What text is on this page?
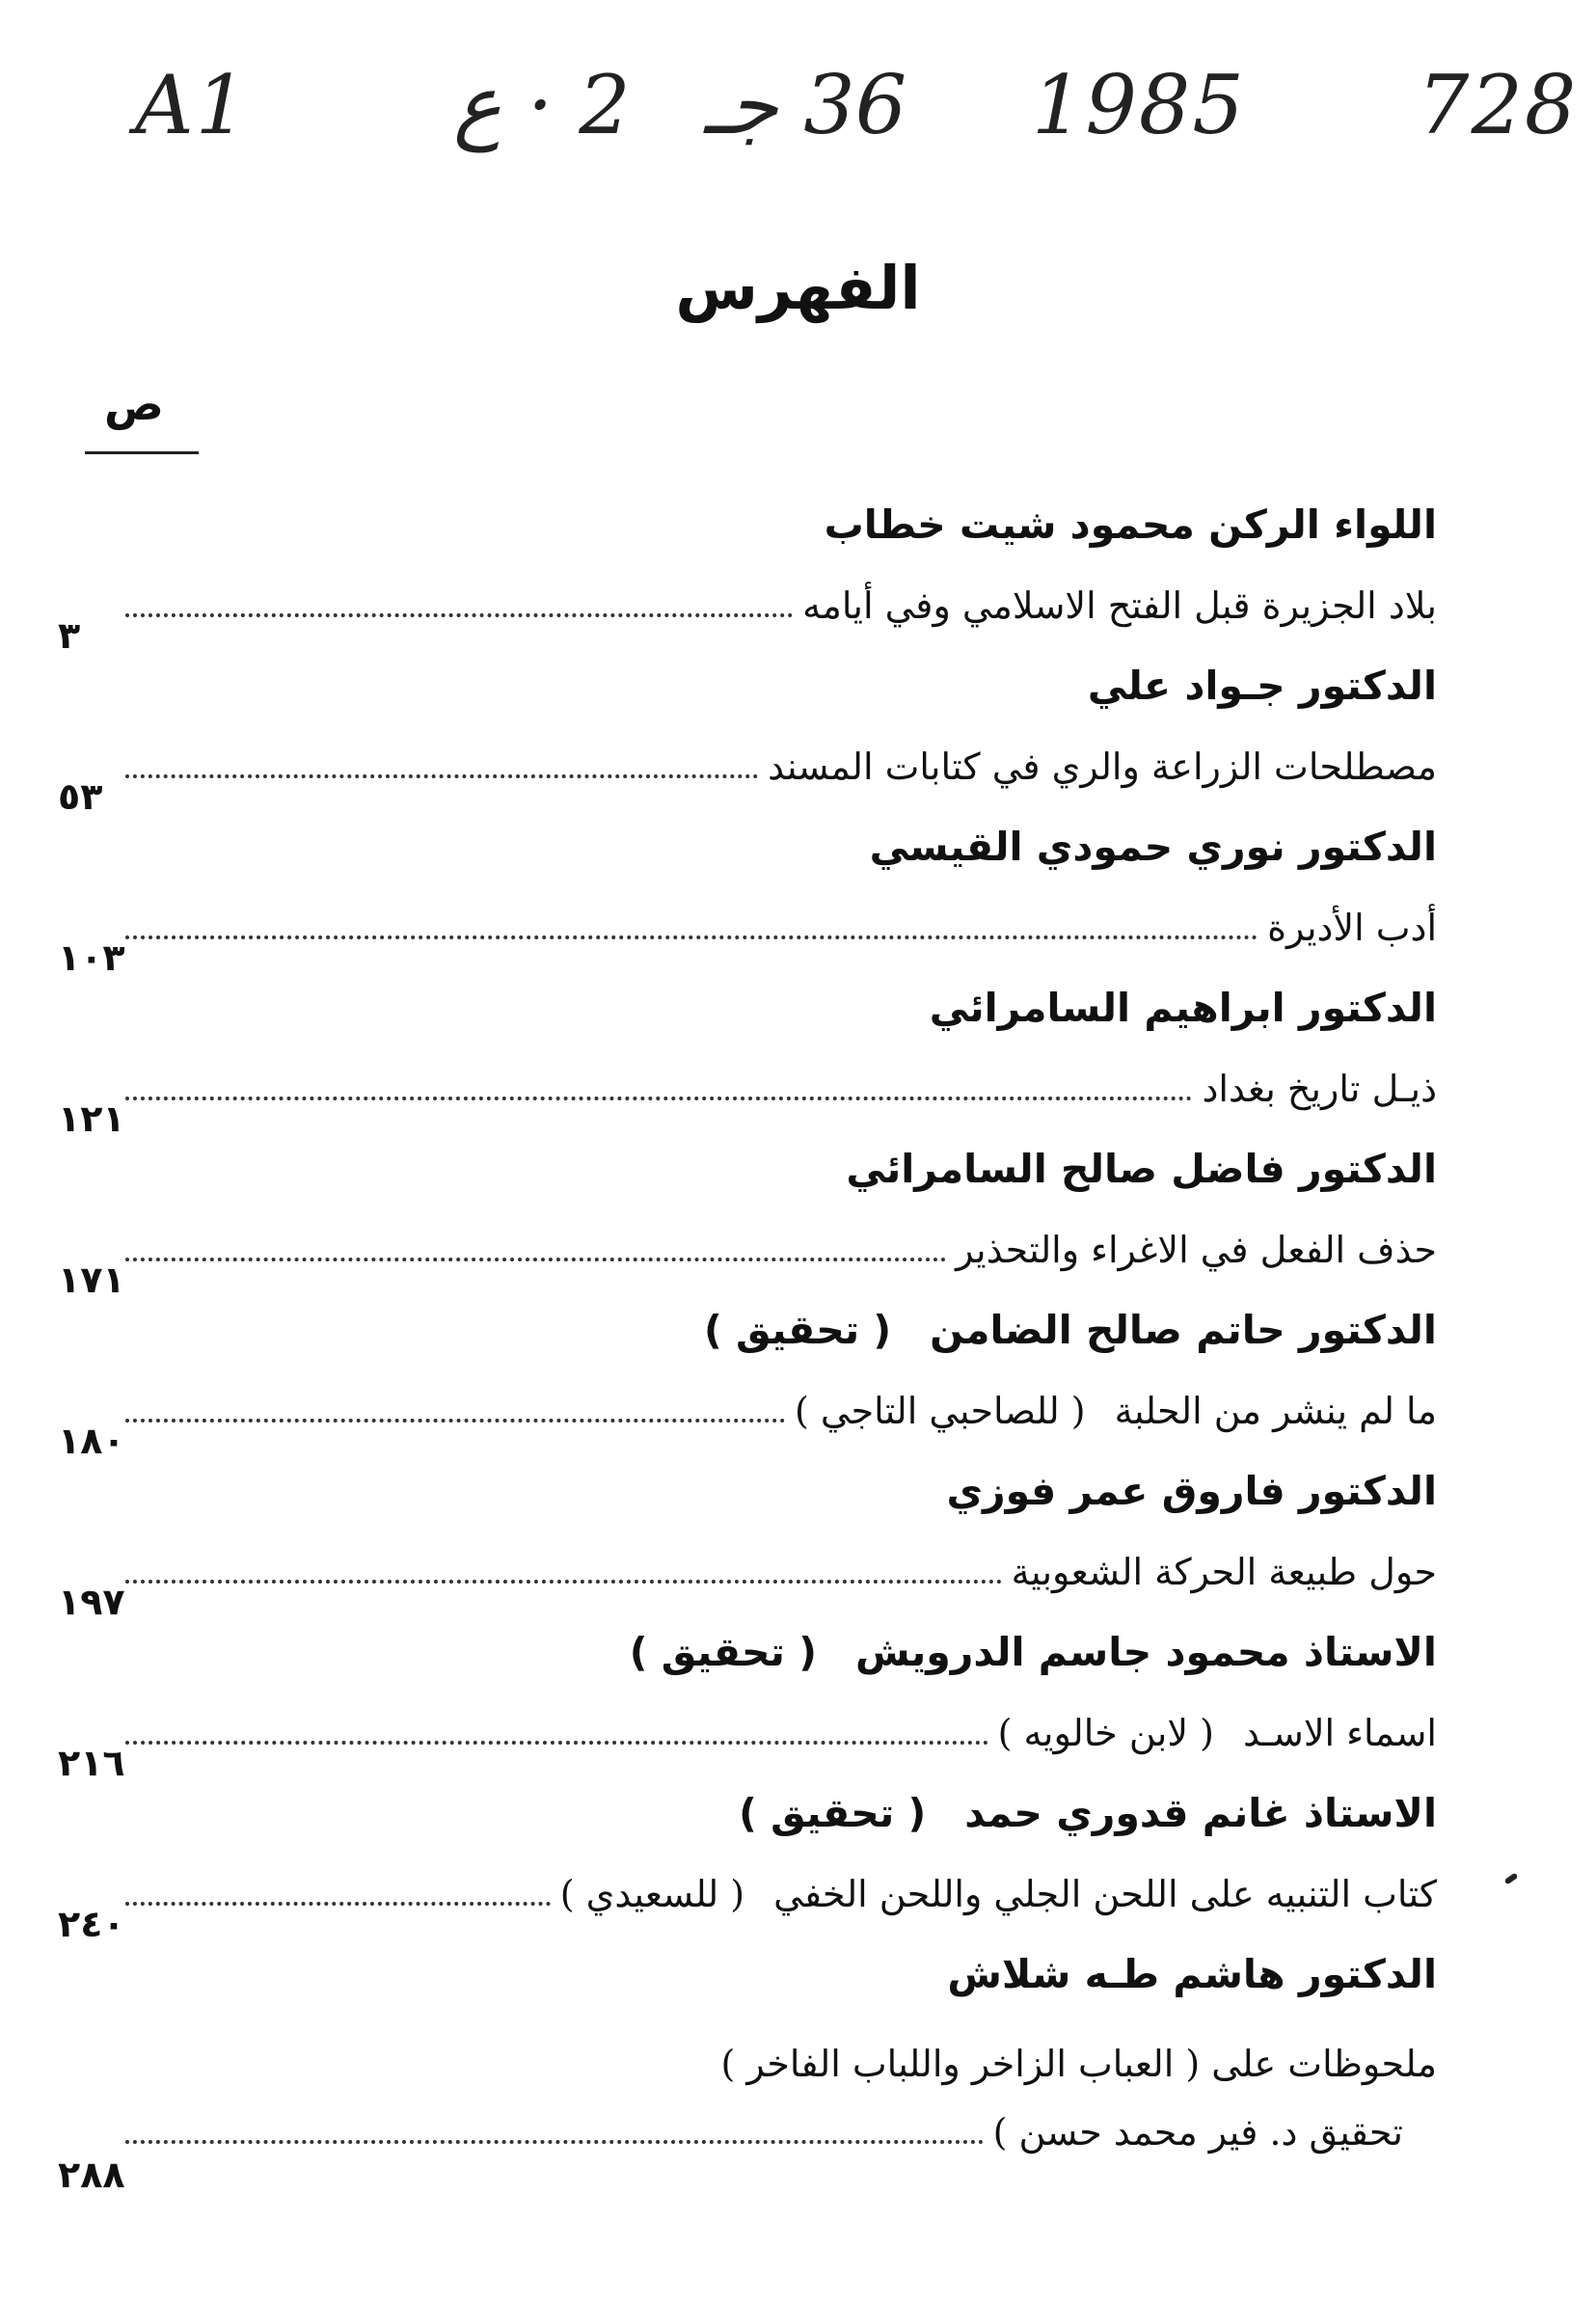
A1	2 · ع 36 جـ 1985 728
الفهرس
ص
اللواء الركن محمود شيت خطاب
بلاد الجزيرة قبل الفتح الاسلامي وفي أيامه
٣
الدكتور جـواد علي
مصطلحات الزراعة والري في كتابات المسند
٥٣
الدكتور نوري حمودي القيسي
أدب الأديرة
١٠٣
الدكتور ابراهيم السامرائي
ذيـل تاريخ بغداد
١٢١
الدكتور فاضل صالح السامرائي
حذف الفعل في الاغراء والتحذير
١٧١
الدكتور حاتم صالح الضامن( تحقيق )
ما لم ينشر من الحلبة( للصاحبي التاجي )
١٨٠
الدكتور فاروق عمر فوزي
حول طبيعة الحركة الشعوبية
١٩٧
الاستاذ محمود جاسم الدرويش( تحقيق )
اسماء الاسـد( لابن خالويه )
٢١٦
الاستاذ غانم قدوري حمد( تحقيق )
كتاب التنبيه على اللحن الجلي واللحن الخفي( للسعيدي )
٢٤٠
الدكتور هاشم طـه شلاش
ملحوظات على ( العباب الزاخر واللباب الفاخر )
تحقيق د. فير محمد حسن )
٢٨٨
